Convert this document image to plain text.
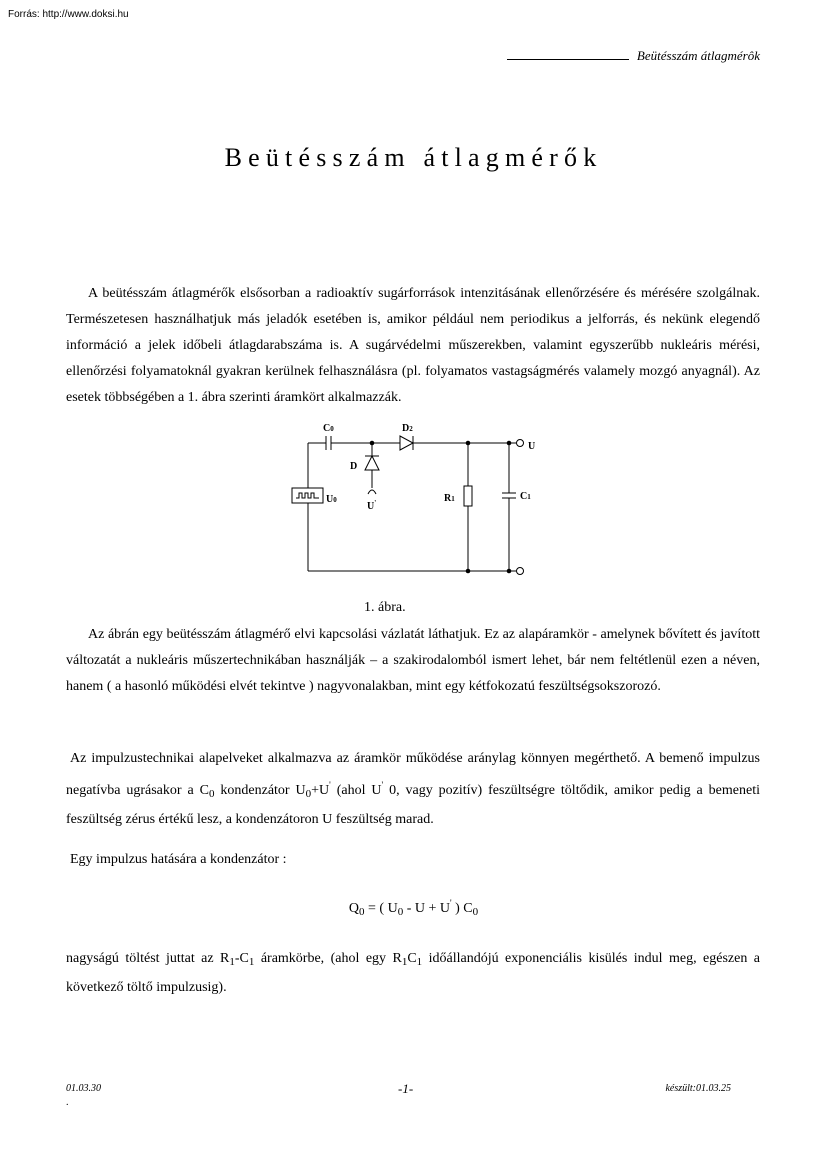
Forrás: http://www.doksi.hu
Beütésszám átlagmérôk
Beütésszám átlagmérők

A beütésszám átlagmérők elsősorban a radioaktív sugárforrások intenzitásának ellenőrzésére és mérésére szolgálnak. Természetesen használhatjuk más jeladók esetében is, amikor például nem periodikus a jelforrás, és nekünk elegendő információ a jelek időbeli átlagdarabszáma is. A sugárvédelmi műszerekben, valamint egyszerűbb nukleáris mérési, ellenőrzési folyamatoknál gyakran kerülnek felhasználásra (pl. folyamatos vastagságmérés valamely mozgó anyagnál). Az esetek többségében a 1. ábra szerinti áramkört alkalmazzák.

C0	D2
D
U
U0
U'	R1	C1
1. ábra.

Az ábrán egy beütésszám átlagmérő elvi kapcsolási vázlatát láthatjuk. Ez az alapáramkör - amelynek bővített és javított változatát a nukleáris műszertechnikában használják – a szakirodalomból ismert lehet, bár nem feltétlenül ezen a néven, hanem ( a hasonló működési elvét tekintve ) nagyvonalakban, mint egy kétfokozatú feszültségsokszorozó.

Az impulzustechnikai alapelveket alkalmazva az áramkör működése aránylag könnyen megérthető. A bemenő impulzus negatívba ugrásakor a $C_0$ kondenzátor $U_0+U'$ (ahol U' 0, vagy pozitív) feszültségre töltődik, amikor pedig a bemeneti feszültség zérus értékű lesz, a kondenzátoron U feszültség marad.

Egy impulzus hatására a kondenzátor :
$Q_0$ = ( $U_0 - U + U'$ ) $C_0$

nagyságú töltést juttat az $R_1-C_1$ áramkörbe, (ahol egy $R_1C_1$ időállandójú exponenciális kisülés indul meg, egészen a következő töltő impulzusig).

01.03.30	-1-	készült:01.03.25
.
